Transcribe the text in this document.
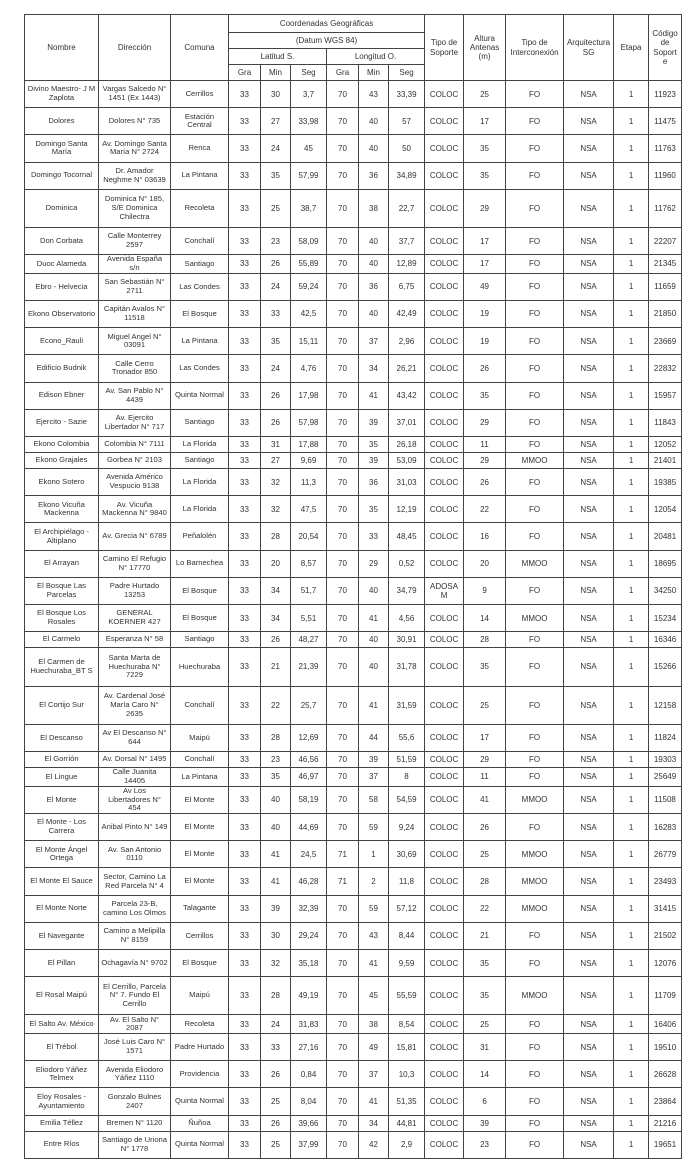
Nombre	Dirección	Comuna	Coordenadas Geográficas						Tipo de Soporte	Altura Antenas (m)	Tipo de Interconexión	Arquitectura SG	Etapa	Código de Soporte
			(Datum WGS 84)											
			Latitud S.			Longitud O.								
			Gra	Min	Seg	Gra	Min	Seg						
Divino Maestro- J M Zaplota	Vargas Salcedo N° 1451 (Ex 1443)	Cerrillos	33	30	3,7	70	43	33,39	COLOC	25	FO	NSA	1	11923
Dolores	Dolores N° 735	Estación Central	33	27	33,98	70	40	57	COLOC	17	FO	NSA	1	11475
Domingo Santa María	Av. Domingo Santa María N° 2724	Renca	33	24	45	70	40	50	COLOC	35	FO	NSA	1	11763
Domingo Tocornal	Dr. Amador Neghme N° 03639	La Pintana	33	35	57,99	70	36	34,89	COLOC	35	FO	NSA	1	11960
Dominica	Dominica N° 185, S/E Dominica Chilectra	Recoleta	33	25	38,7	70	38	22,7	COLOC	29	FO	NSA	1	11762
Don Corbata	Calle Monterrey 2597	Conchalí	33	23	58,09	70	40	37,7	COLOC	17	FO	NSA	1	22207
Duoc Alameda	Avenida España s/n	Santiago	33	26	55,89	70	40	12,89	COLOC	17	FO	NSA	1	21345
Ebro - Helvecia	San Sebastián N° 2711	Las Condes	33	24	59,24	70	36	6,75	COLOC	49	FO	NSA	1	11659
Ekono Observatorio	Capitán Avalos N° 11518	El Bosque	33	33	42,5	70	40	42,49	COLOC	19	FO	NSA	1	21850
Econo_Rauli	Miguel Angel N° 03091	La Pintana	33	35	15,11	70	37	2,96	COLOC	19	FO	NSA	1	23669
Edificio Budnik	Calle Cerro Tronador 850	Las Condes	33	24	4,76	70	34	26,21	COLOC	26	FO	NSA	1	22832
Edison Ebner	Av. San Pablo N° 4439	Quinta Normal	33	26	17,98	70	41	43,42	COLOC	35	FO	NSA	1	15957
Ejercito - Sazie	Av. Ejercito Libertador N° 717	Santiago	33	26	57,98	70	39	37,01	COLOC	29	FO	NSA	1	11843
Ekono Colombia	Colombia N° 7111	La Florida	33	31	17,88	70	35	26,18	COLOC	11	FO	NSA	1	12052
Ekono Grajales	Gorbea N° 2103	Santiago	33	27	9,69	70	39	53,09	COLOC	29	MMOO	NSA	1	21401
Ekono Sotero	Avenida Américo Vespucio 9138	La Florida	33	32	11,3	70	36	31,03	COLOC	26	FO	NSA	1	19385
Ekono Vicuña Mackenna	Av. Vicuña Mackenna N° 9840	La Florida	33	32	47,5	70	35	12,19	COLOC	22	FO	NSA	1	12054
El Archipiélago - Altiplano	Av. Grecia N° 6789	Peñalolén	33	28	20,54	70	33	48,45	COLOC	16	FO	NSA	1	20481
El Arrayan	Camino El Refugio N° 17770	Lo Barnechea	33	20	8,57	70	29	0,52	COLOC	20	MMOO	NSA	1	18695
El Bosque Las Parcelas	Padre Hurtado 13253	El Bosque	33	34	51,7	70	40	34,79	ADOSAM	9	FO	NSA	1	34250
El Bosque Los Rosales	GENERAL KOERNER 427	El Bosque	33	34	5,51	70	41	4,56	COLOC	14	MMOO	NSA	1	15234
El Carmelo	Esperanza N° 58	Santiago	33	26	48,27	70	40	30,91	COLOC	28	FO	NSA	1	16346
El Carmen de Huechuraba_BT S	Santa Marta de Huechuraba N° 7229	Huechuraba	33	21	21,39	70	40	31,78	COLOC	35	FO	NSA	1	15266
El Cortijo Sur	Av. Cardenal José María Caro N° 2635	Conchalí	33	22	25,7	70	41	31,59	COLOC	25	FO	NSA	1	12158
El Descanso	Av El Descanso N° 644	Maipú	33	28	12,69	70	44	55,6	COLOC	17	FO	NSA	1	11824
El Gorrión	Av. Dorsal N° 1495	Conchalí	33	23	46,56	70	39	51,59	COLOC	29	FO	NSA	1	19303
El Lingue	Calle Juanita 14405	La Pintana	33	35	46,97	70	37	8	COLOC	11	FO	NSA	1	25649
El Monte	Av Los Libertadores N° 454	El Monte	33	40	58,19	70	58	54,59	COLOC	41	MMOO	NSA	1	11508
El Monte - Los Carrera	Anibal Pinto N° 149	El Monte	33	40	44,69	70	59	9,24	COLOC	26	FO	NSA	1	16283
El Monte Ángel Ortega	Av. San Antonio 0110	El Monte	33	41	24,5	71	1	30,69	COLOC	25	MMOO	NSA	1	26779
El Monte El Sauce	Sector, Camino La Red Parcela N° 4	El Monte	33	41	46,28	71	2	11,8	COLOC	28	MMOO	NSA	1	23493
El Monte Norte	Parcela 23-B, camino Los Olmos	Talagante	33	39	32,39	70	59	57,12	COLOC	22	MMOO	NSA	1	31415
El Navegante	Camino a Melipilla N° 8159	Cerrillos	33	30	29,24	70	43	8,44	COLOC	21	FO	NSA	1	21502
El Pillan	Ochagavía N° 9702	El Bosque	33	32	35,18	70	41	9,59	COLOC	35	FO	NSA	1	12076
El Rosal Maipú	El Cerrillo, Parcela N° 7. Fundo El Cerrillo	Maipú	33	28	49,19	70	45	55,59	COLOC	35	MMOO	NSA	1	11709
El Salto Av. México	Av. El Salto N° 2087	Recoleta	33	24	31,83	70	38	8,54	COLOC	25	FO	NSA	1	16406
El Trébol	José Luis Caro N° 1571	Padre Hurtado	33	33	27,16	70	49	15,81	COLOC	31	FO	NSA	1	19510
Eliodoro Yáñez Telmex	Avenida Eliodoro Yáñez 1110	Providencia	33	26	0,84	70	37	10,3	COLOC	14	FO	NSA	1	26628
Eloy Rosales - Ayuntamiento	Gonzalo Bulnes 2407	Quinta Normal	33	25	8,04	70	41	51,35	COLOC	6	FO	NSA	1	23864
Emilia Téllez	Bremen N° 1120	Ñuñoa	33	26	39,66	70	34	44,81	COLOC	39	FO	NSA	1	21216
Entre Ríos	Santiago de Uriona N° 1778	Quinta Normal	33	25	37,99	70	42	2,9	COLOC	23	FO	NSA	1	19651
